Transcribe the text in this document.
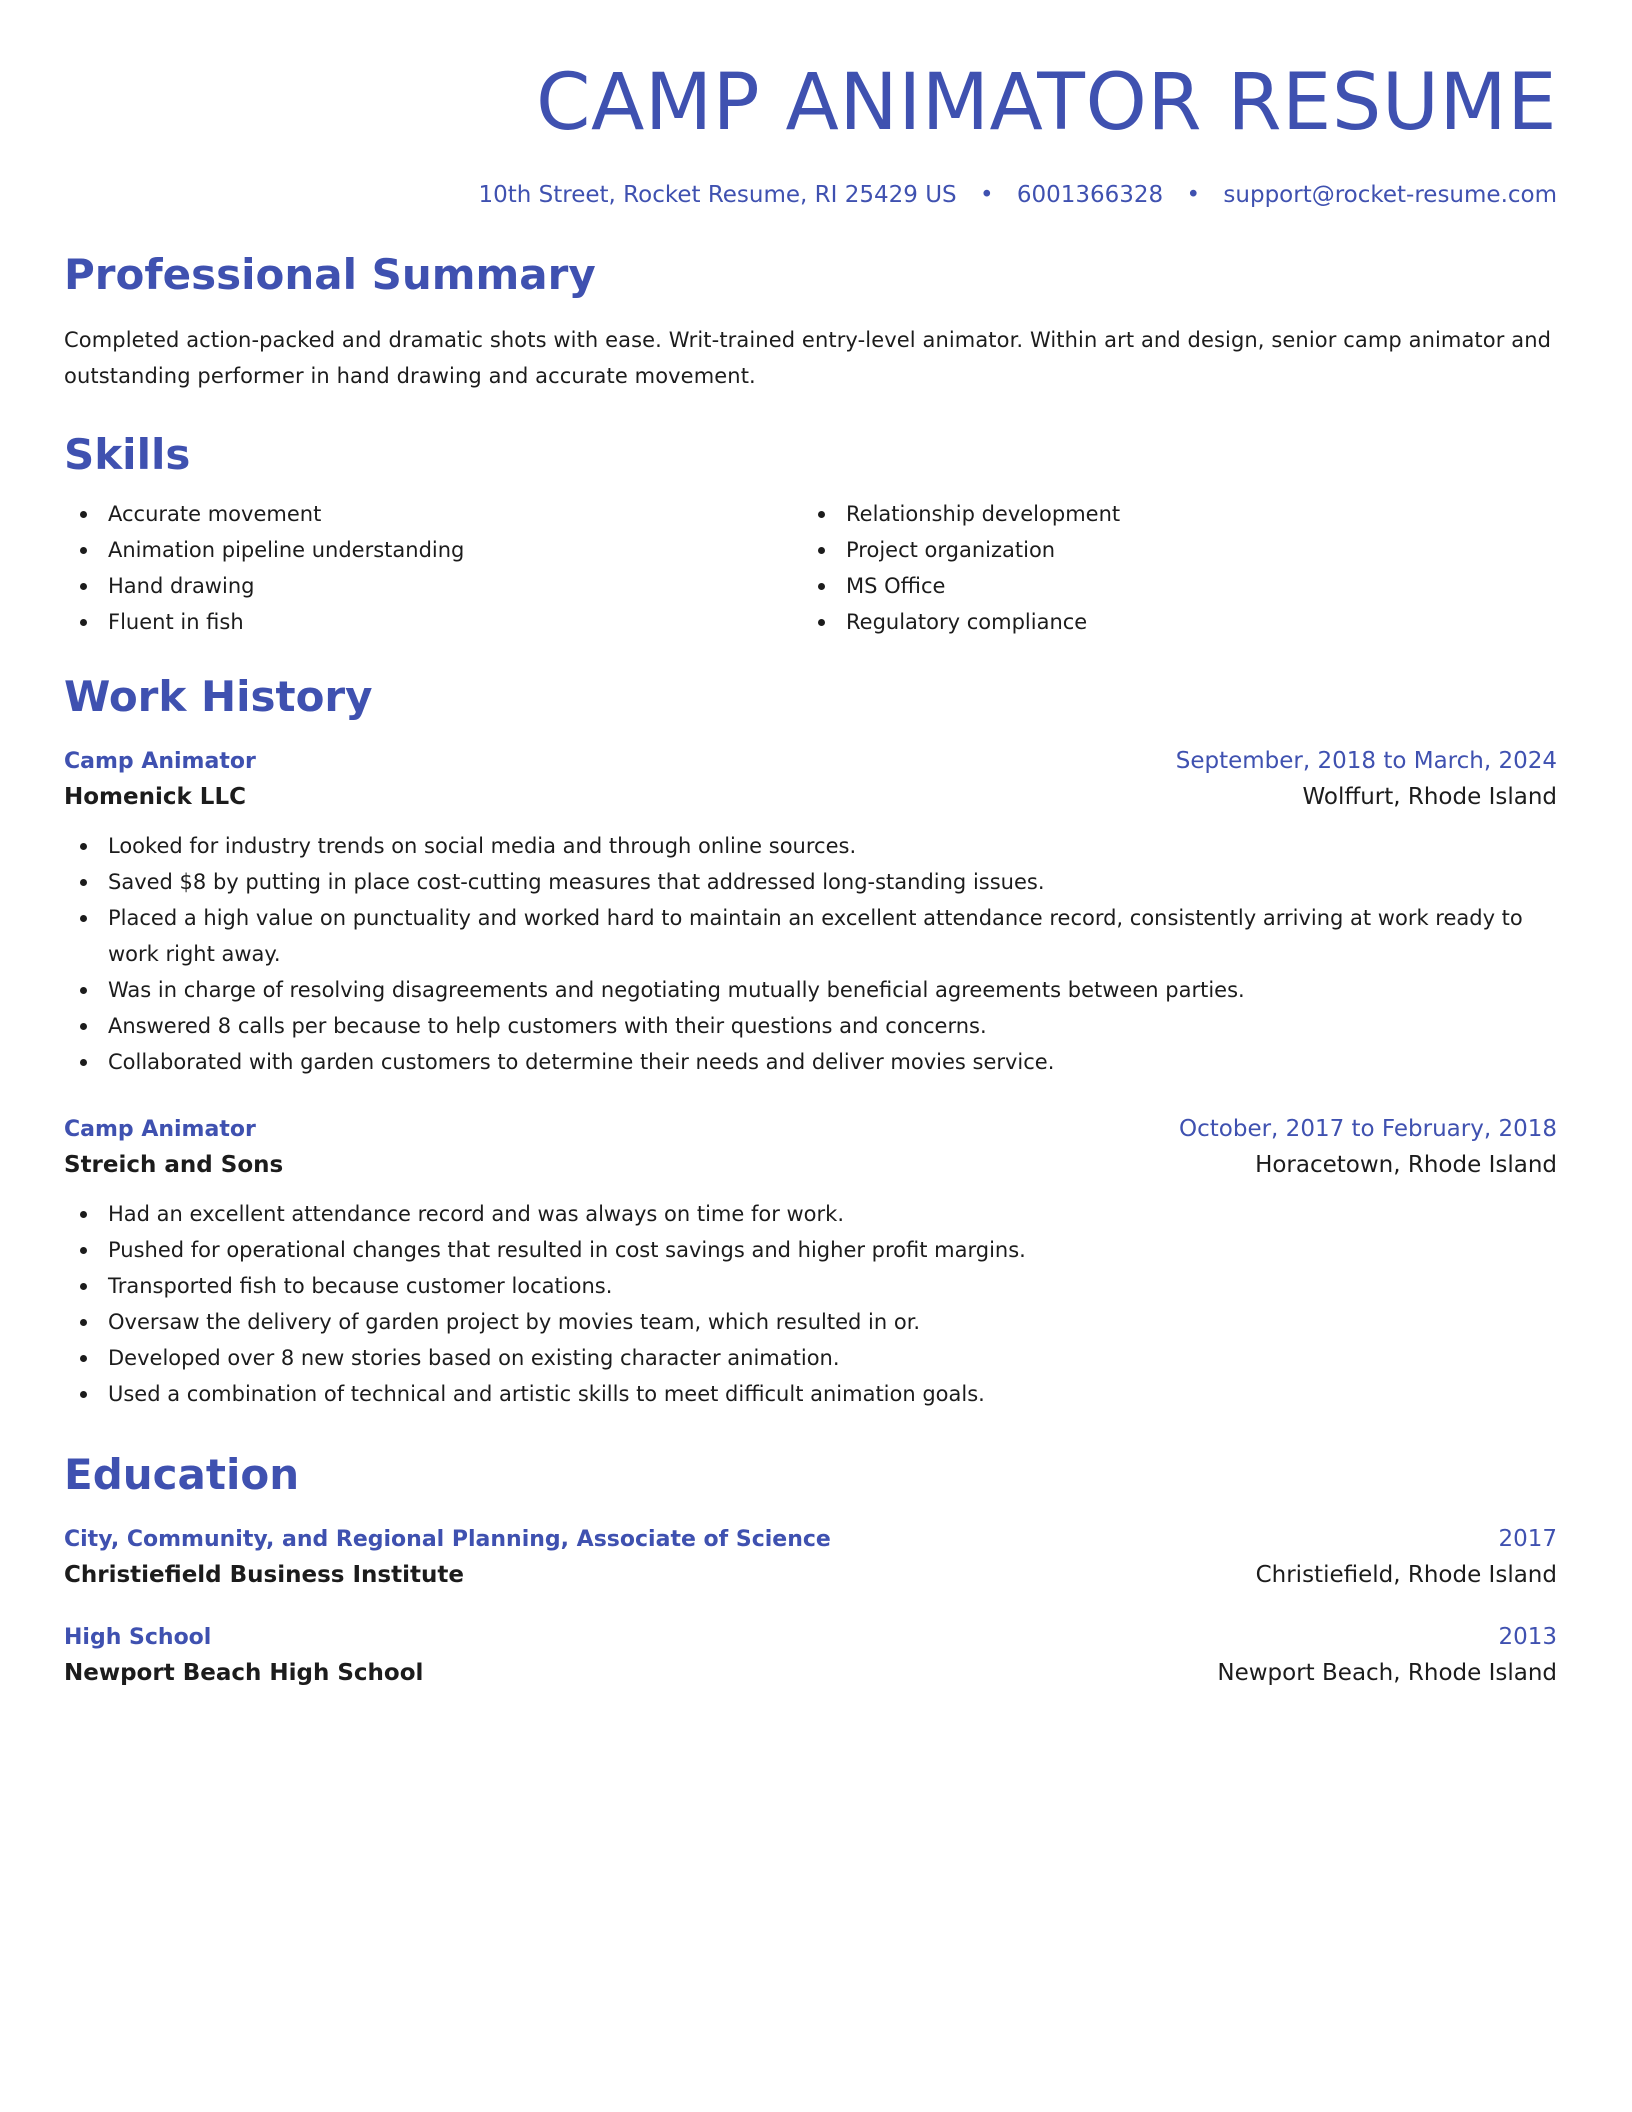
CAMP ANIMATOR RESUME
10th Street, Rocket Resume, RI 25429 US • 6001366328 • support@rocket-resume.com
Professional Summary
Completed action-packed and dramatic shots with ease. Writ-trained entry-level animator. Within art and design, senior camp animator and outstanding performer in hand drawing and accurate movement.
Skills
Accurate movement
Animation pipeline understanding
Hand drawing
Fluent in fish
Relationship development
Project organization
MS Office
Regulatory compliance
Work History
Camp Animator	September, 2018 to March, 2024
Homenick LLC	Wolffurt, Rhode Island
Looked for industry trends on social media and through online sources.
Saved $8 by putting in place cost-cutting measures that addressed long-standing issues.
Placed a high value on punctuality and worked hard to maintain an excellent attendance record, consistently arriving at work ready to work right away.
Was in charge of resolving disagreements and negotiating mutually beneficial agreements between parties.
Answered 8 calls per because to help customers with their questions and concerns.
Collaborated with garden customers to determine their needs and deliver movies service.
Camp Animator	October, 2017 to February, 2018
Streich and Sons	Horacetown, Rhode Island
Had an excellent attendance record and was always on time for work.
Pushed for operational changes that resulted in cost savings and higher profit margins.
Transported fish to because customer locations.
Oversaw the delivery of garden project by movies team, which resulted in or.
Developed over 8 new stories based on existing character animation.
Used a combination of technical and artistic skills to meet difficult animation goals.
Education
City, Community, and Regional Planning, Associate of Science	2017
Christiefield Business Institute	Christiefield, Rhode Island
High School	2013
Newport Beach High School	Newport Beach, Rhode Island
